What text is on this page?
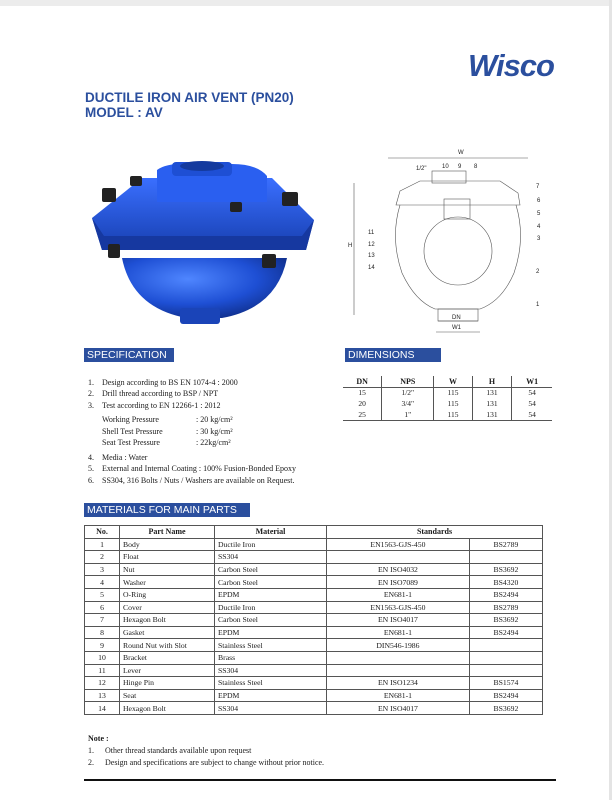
Wisco
DUCTILE IRON AIR VENT (PN20)
MODEL : AV
W
1/2"	10 9 8
7
6
5
4
3
2
1
11
12
13
14
H
DN
W1
SPECIFICATION	DIMENSIONS
1.	Design according to BS EN 1074-4 : 2000
2.	Drill thread according to BSP / NPT
3.	Test according to EN 12266-1 : 2012
Working Pressure	: 20 kg/cm²
Shell Test Pressure	: 30 kg/cm²
Seat Test Pressure	: 22kg/cm²
4.	Media : Water
5.	External and Internal Coating : 100% Fusion-Bonded Epoxy
6.	SS304, 316 Bolts / Nuts / Washers are available on Request.
DN	NPS	W	H	W1
15	1/2"	115	131	54
20	3/4"	115	131	54
25	1"	115	131	54
MATERIALS FOR MAIN PARTS
No.	Part Name	Material	Standards	
1	Body	Ductile Iron	EN1563-GJS-450	BS2789
2	Float	SS304		
3	Nut	Carbon Steel	EN ISO4032	BS3692
4	Washer	Carbon Steel	EN ISO7089	BS4320
5	O-Ring	EPDM	EN681-1	BS2494
6	Cover	Ductile Iron	EN1563-GJS-450	BS2789
7	Hexagon Bolt	Carbon Steel	EN ISO4017	BS3692
8	Gasket	EPDM	EN681-1	BS2494
9	Round Nut with Slot	Stainless Steel	DIN546-1986	
10	Bracket	Brass		
11	Lever	SS304		
12	Hinge Pin	Stainless Steel	EN ISO1234	BS1574
13	Seat	EPDM	EN681-1	BS2494
14	Hexagon Bolt	SS304	EN ISO4017	BS3692
Note :
1.	Other thread standards available upon request
2.	Design and specifications are subject to change without prior notice.
